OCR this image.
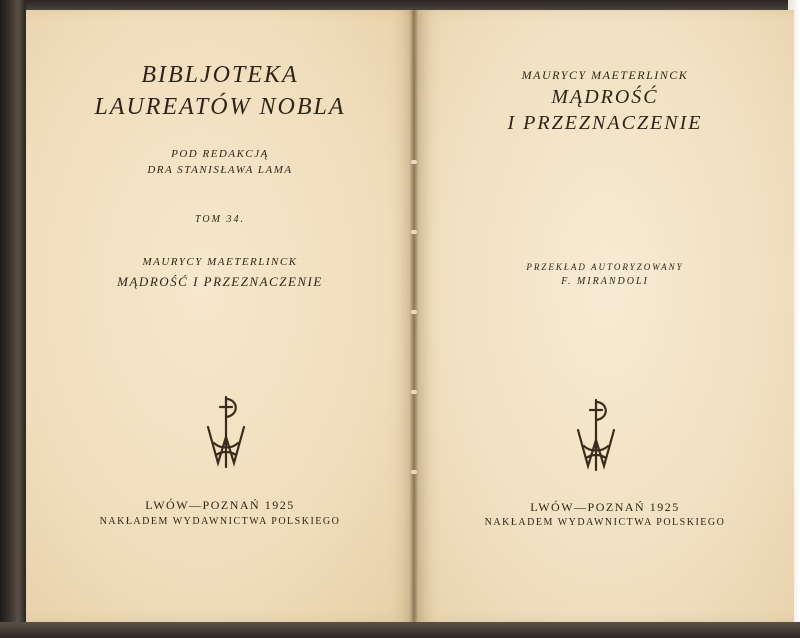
BIBLJOTEKA
LAUREATÓW NOBLA
POD REDAKCJĄ
DRA STANISŁAWA LAMA
TOM 34.
MAURYCY MAETERLINCK
MĄDROŚĆ I PRZEZNACZENIE
LWÓW—POZNAŃ 1925
NAKŁADEM WYDAWNICTWA POLSKIEGO
MAURYCY MAETERLINCK
MĄDROŚĆ
I PRZEZNACZENIE
PRZEKŁAD AUTORYZOWANY
F. MIRANDOLI
LWÓW—POZNAŃ 1925
NAKŁADEM WYDAWNICTWA POLSKIEGO
